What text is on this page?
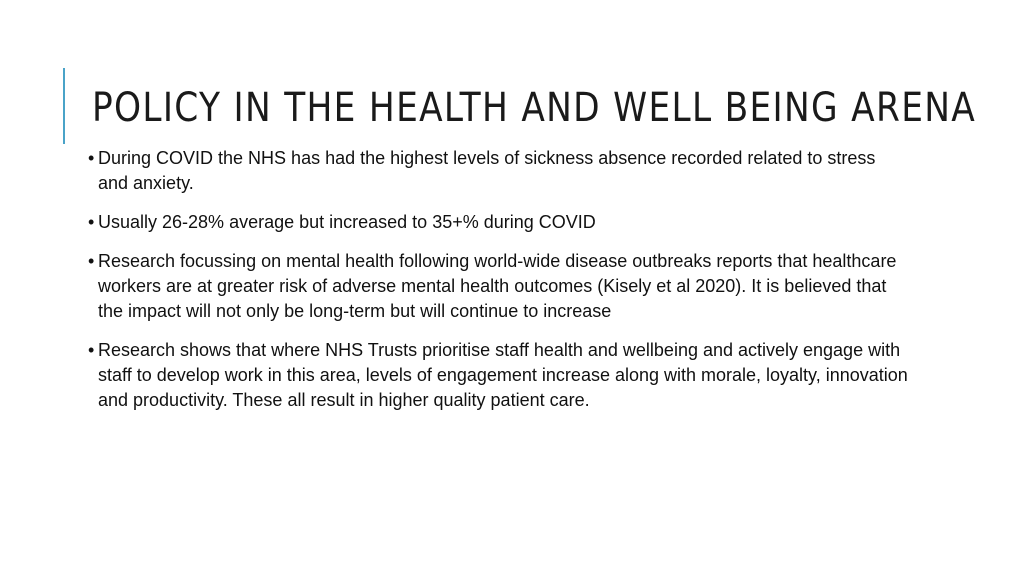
POLICY IN THE HEALTH AND WELL BEING ARENA
• During COVID the NHS has had the highest levels of sickness absence recorded related to stress and anxiety.
• Usually 26-28% average but increased to 35+% during COVID
• Research focussing on mental health following world-wide disease outbreaks reports that healthcare workers are at greater risk of adverse mental health outcomes (Kisely et al 2020). It is believed that the impact will not only be long-term but will continue to increase
• Research shows that where NHS Trusts prioritise staff health and wellbeing and actively engage with staff to develop work in this area, levels of engagement increase along with morale, loyalty, innovation and productivity. These all result in higher quality patient care.
